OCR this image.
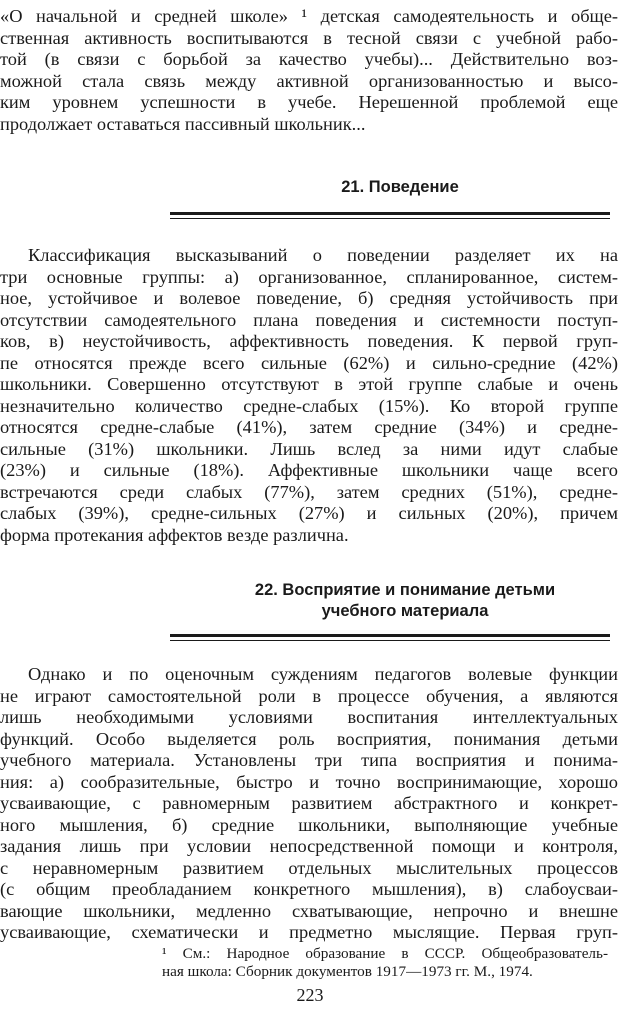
«О начальной и средней школе» ¹ детская самодеятельность и обще-
ственная активность воспитываются в тесной связи с учебной рабо-
той (в связи с борьбой за качество учебы)... Действительно воз-
можной стала связь между активной организованностью и высо-
ким уровнем успешности в учебе. Нерешенной проблемой еще
продолжает оставаться пассивный школьник...
21. Поведение
Классификация высказываний о поведении разделяет их на
три основные группы: а) организованное, спланированное, систем-
ное, устойчивое и волевое поведение, б) средняя устойчивость при
отсутствии самодеятельного плана поведения и системности поступ-
ков, в) неустойчивость, аффективность поведения. К первой груп-
пе относятся прежде всего сильные (62%) и сильно-средние (42%)
школьники. Совершенно отсутствуют в этой группе слабые и очень
незначительно количество средне-слабых (15%). Ко второй группе
относятся средне-слабые (41%), затем средние (34%) и средне-
сильные (31%) школьники. Лишь вслед за ними идут слабые
(23%) и сильные (18%). Аффективные школьники чаще всего
встречаются среди слабых (77%), затем средних (51%), средне-
слабых (39%), средне-сильных (27%) и сильных (20%), причем
форма протекания аффектов везде различна.
22. Восприятие и понимание детьми
учебного материала
Однако и по оценочным суждениям педагогов волевые функции
не играют самостоятельной роли в процессе обучения, а являются
лишь необходимыми условиями воспитания интеллектуальных
функций. Особо выделяется роль восприятия, понимания детьми
учебного материала. Установлены три типа восприятия и понима-
ния: а) сообразительные, быстро и точно воспринимающие, хорошо
усваивающие, с равномерным развитием абстрактного и конкрет-
ного мышления, б) средние школьники, выполняющие учебные
задания лишь при условии непосредственной помощи и контроля,
с неравномерным развитием отдельных мыслительных процессов
(с общим преобладанием конкретного мышления), в) слабоусваи-
вающие школьники, медленно схватывающие, непрочно и внешне
усваивающие, схематически и предметно мыслящие. Первая груп-
¹ См.: Народное образование в СССР. Общеобразователь-
ная школа: Сборник документов 1917—1973 гг. М., 1974.
223
